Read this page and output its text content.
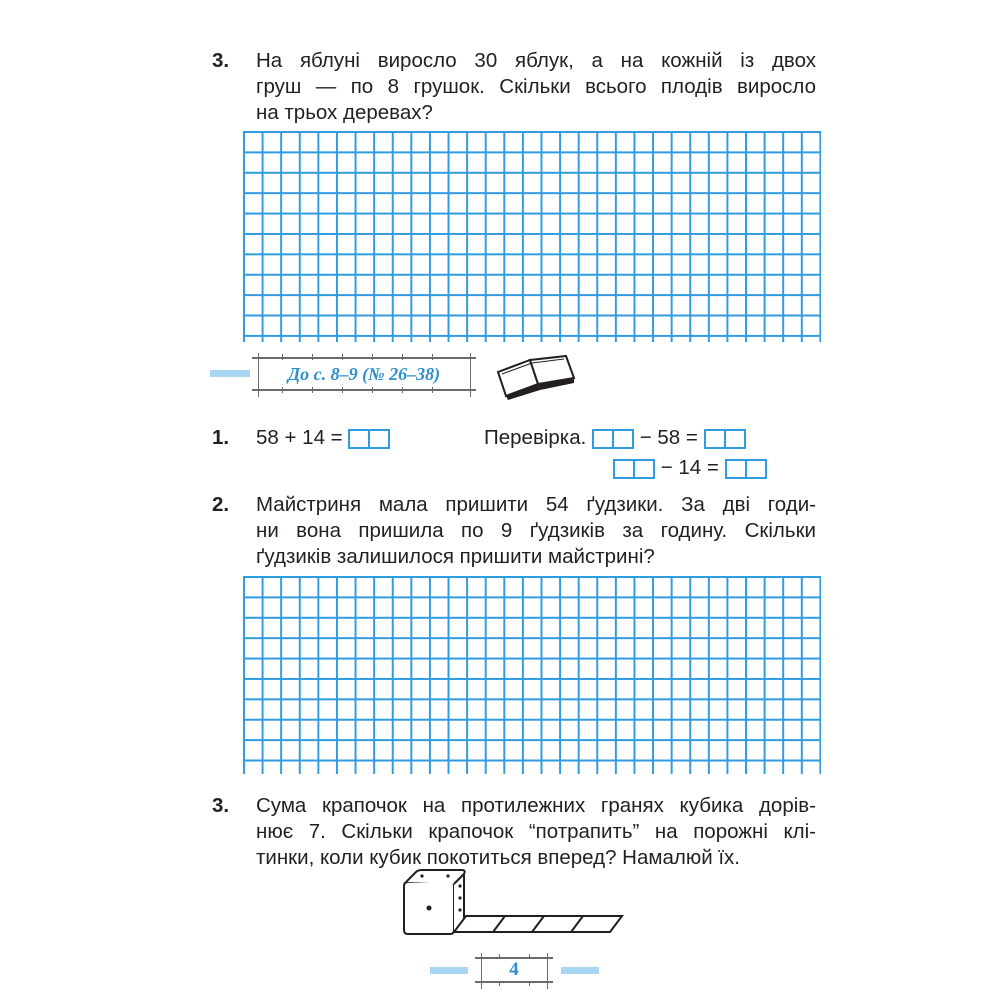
3. На яблуні виросло 30 яблук, а на кожній із двох
груш — по 8 грушок. Скільки всього плодів виросло
на трьох деревах?
До с. 8–9 (№ 26–38)
1. 58 + 14 =	Перевірка.	− 58 =
− 14 =
2. Майстриня мала пришити 54 ґудзики. За дві годи-
ни вона пришила по 9 ґудзиків за годину. Скільки
ґудзиків залишилося пришити майстрині?
3. Сума крапочок на протилежних гранях кубика дорів-
нює 7. Скільки крапочок “потрапить” на порожні клі-
тинки, коли кубик покотиться вперед? Намалюй їх.
4
